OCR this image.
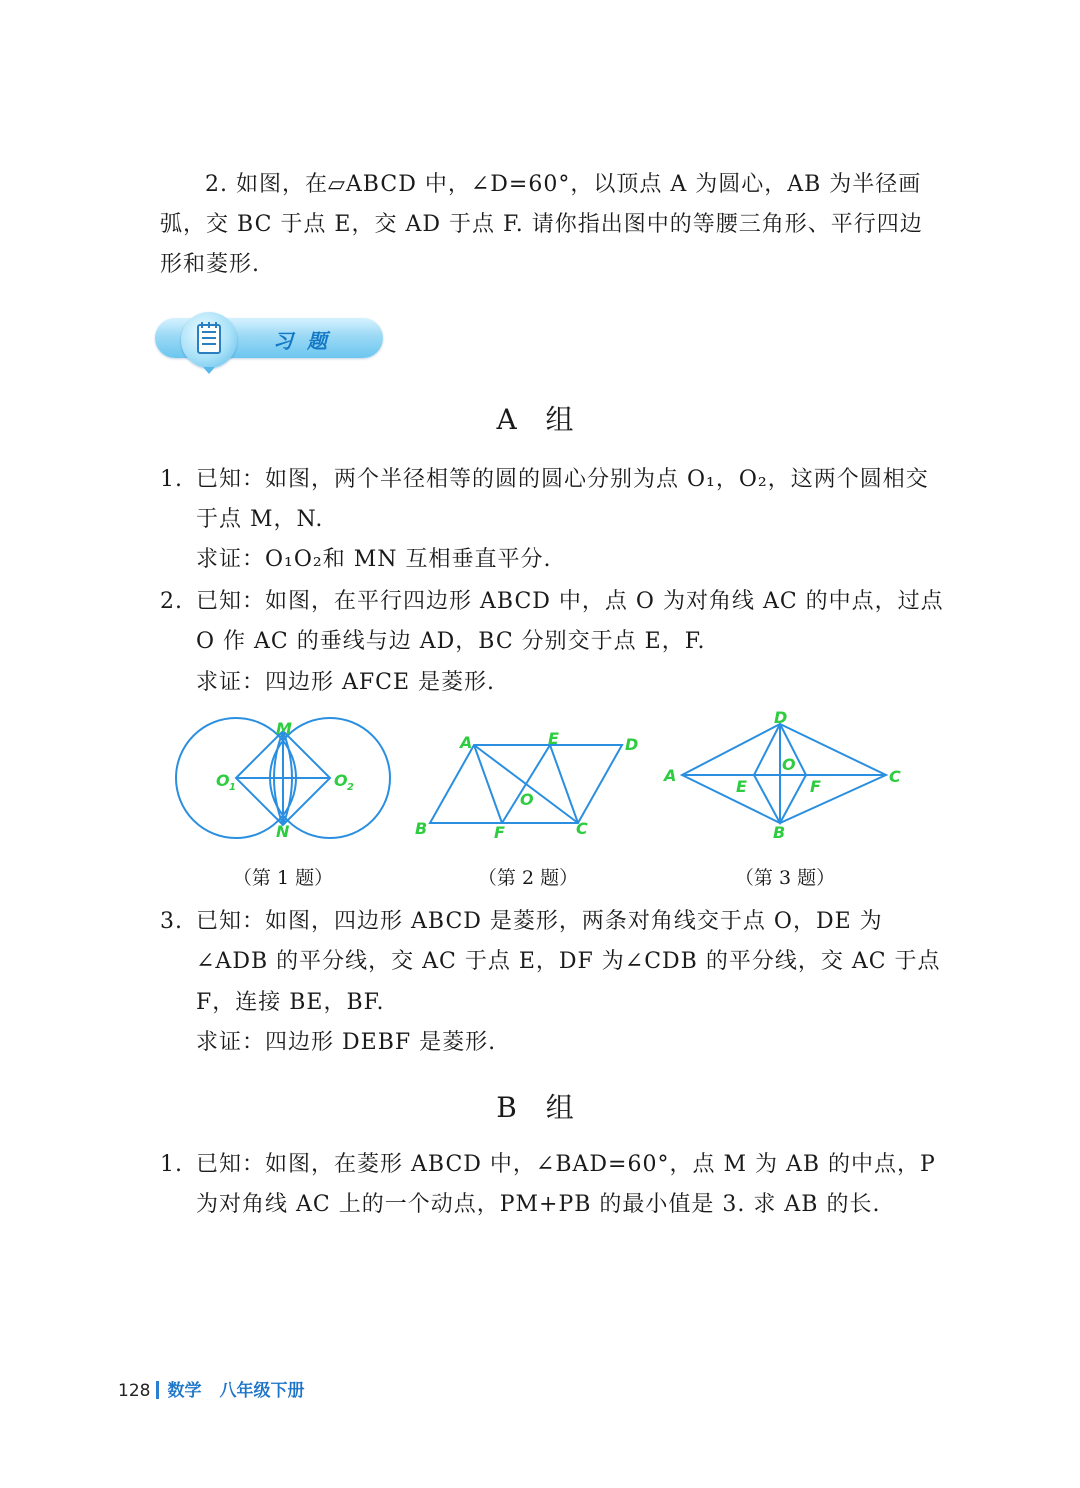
2. 如图，在▱ABCD 中，∠D=60°，以顶点 A 为圆心，AB 为半径画
弧，交 BC 于点 E，交 AD 于点 F. 请你指出图中的等腰三角形、平行四边
形和菱形.
习题
A 组
1. 已知：如图，两个半径相等的圆的圆心分别为点 O₁，O₂，这两个圆相交
于点 M，N.
求证：O₁O₂和 MN 互相垂直平分.
2. 已知：如图，在平行四边形 ABCD 中，点 O 为对角线 AC 的中点，过点
O 作 AC 的垂线与边 AD，BC 分别交于点 E，F.
求证：四边形 AFCE 是菱形.
M
N
O 1	O 2
（第 1 题）
A	E	D
O
B	F	C
（第 2 题）
D
A
O
E	F
C
B
（第 3 题）
3. 已知：如图，四边形 ABCD 是菱形，两条对角线交于点 O，DE 为
∠ADB 的平分线，交 AC 于点 E，DF 为∠CDB 的平分线，交 AC 于点
F，连接 BE，BF.
求证：四边形 DEBF 是菱形.
B 组
1. 已知：如图，在菱形 ABCD 中，∠BAD=60°，点 M 为 AB 的中点，P
为对角线 AC 上的一个动点，PM+PB 的最小值是 3. 求 AB 的长.
128 数学 八年级下册
